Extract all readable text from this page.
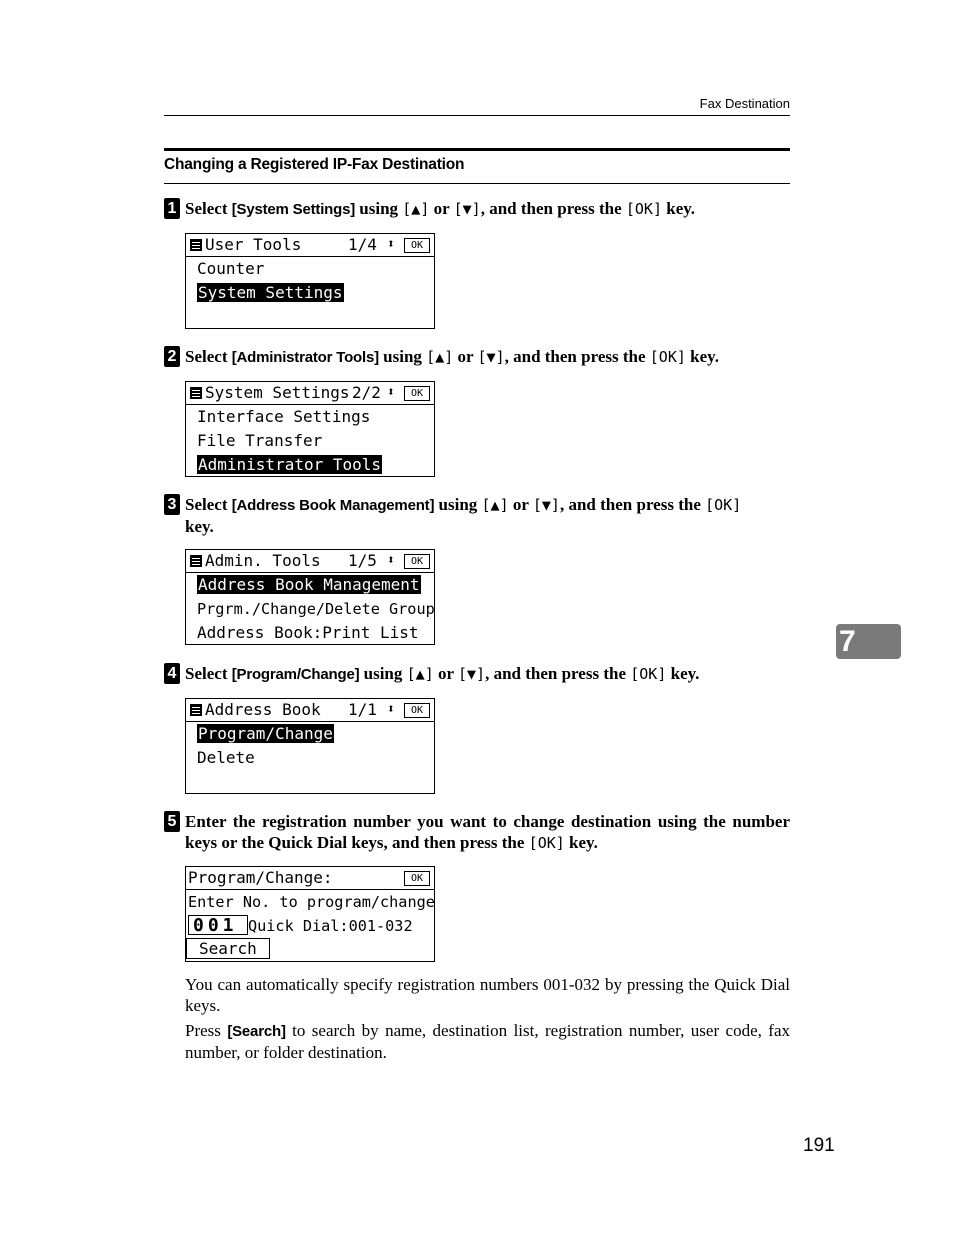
Fax Destination
Changing a Registered IP-Fax Destination
1 Select [System Settings] using [▲] or [▼], and then press the [OK] key.
User Tools	1/4 ⬍	OK
Counter
System Settings
2 Select [Administrator Tools] using [▲] or [▼], and then press the [OK] key.
System Settings 2/2 ⬍	OK
Interface Settings
File Transfer
Administrator Tools
3 Select [Address Book Management] using [▲] or [▼], and then press the [OK]
key.
Admin. Tools 1/5 ⬍	OK
Address Book Management
Prgrm./Change/Delete Group
Address Book:Print List
4 Select [Program/Change] using [▲] or [▼], and then press the [OK] key.
Address Book 1/1 ⬍	OK
Program/Change
Delete
5 Enter the registration number you want to change destination using the number keys or the Quick Dial keys, and then press the [OK] key.
Program/Change:	OK
Enter No. to program/change
001 Quick Dial:001-032
Search
You can automatically specify registration numbers 001-032 by pressing the Quick Dial keys.
Press [Search] to search by name, destination list, registration number, user code, fax number, or folder destination.
7
191
